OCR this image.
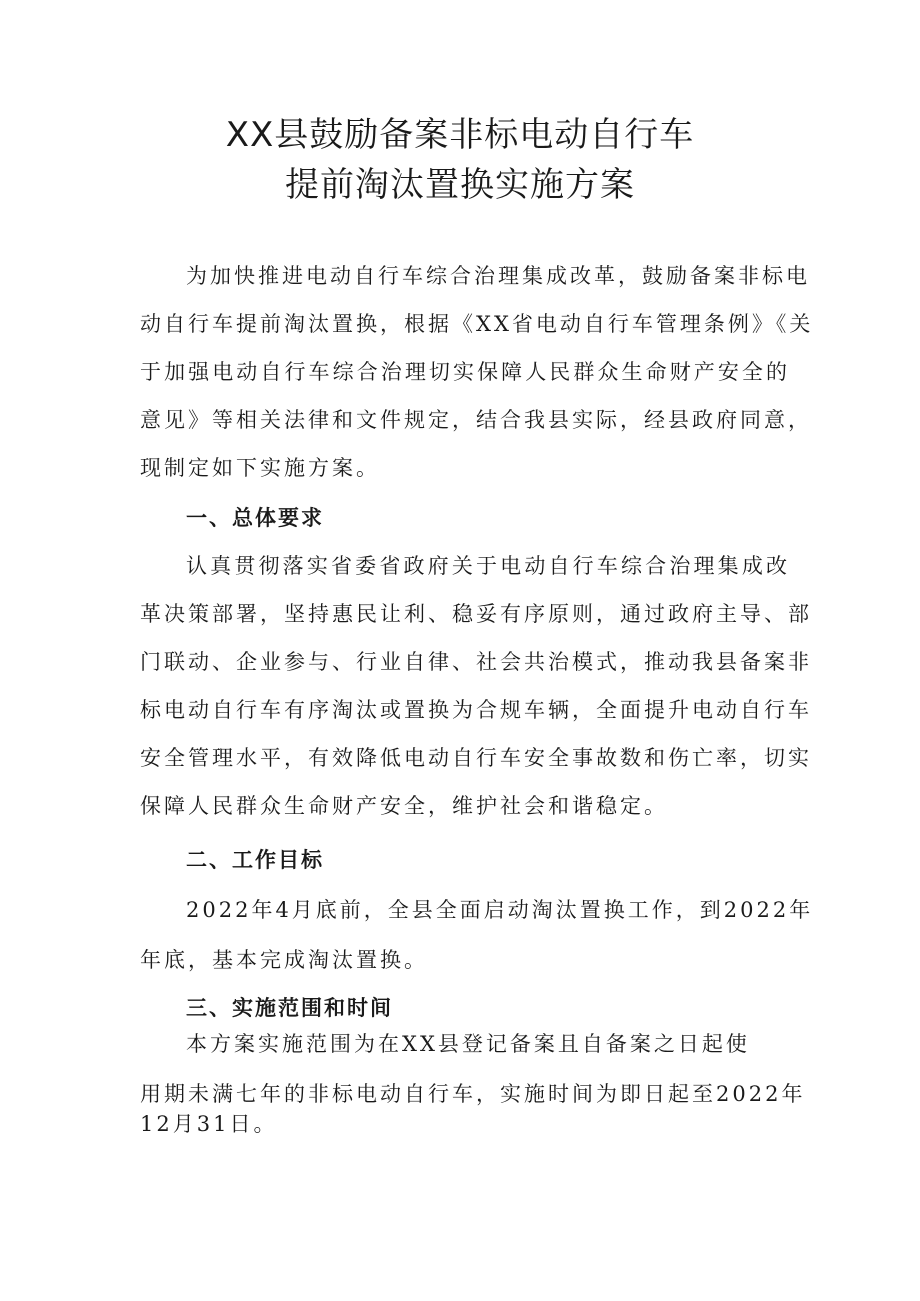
XX县鼓励备案非标电动自行车
提前淘汰置换实施方案
为加快推进电动自行车综合治理集成改革，鼓励备案非标电
动自行车提前淘汰置换，根据《XX省电动自行车管理条例》《关
于加强电动自行车综合治理切实保障人民群众生命财产安全的
意见》等相关法律和文件规定，结合我县实际，经县政府同意，
现制定如下实施方案。
一、总体要求
认真贯彻落实省委省政府关于电动自行车综合治理集成改
革决策部署，坚持惠民让利、稳妥有序原则，通过政府主导、部
门联动、企业参与、行业自律、社会共治模式，推动我县备案非
标电动自行车有序淘汰或置换为合规车辆，全面提升电动自行车
安全管理水平，有效降低电动自行车安全事故数和伤亡率，切实
保障人民群众生命财产安全，维护社会和谐稳定。
二、工作目标
2022年4月底前，全县全面启动淘汰置换工作，到2022年
年底，基本完成淘汰置换。
三、实施范围和时间
本方案实施范围为在XX县登记备案且自备案之日起使
用期未满七年的非标电动自行车，实施时间为即日起至2022年
12月31日。
